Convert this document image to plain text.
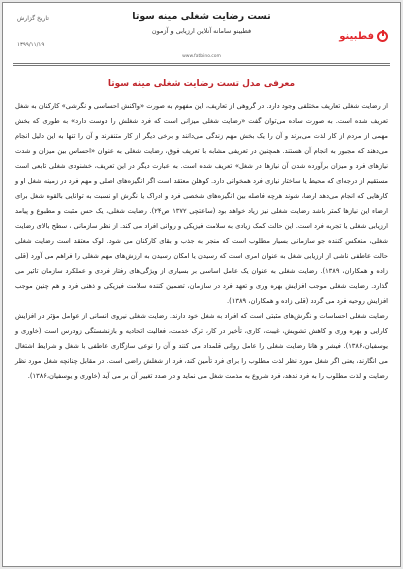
تاریخ گزارش
۱۳۹۹/۱۱/۱۹
تست رضایت شغلی مینه سوتا
فطبینو سامانه آنلاین ارزیابی و آزمون
www.fatbino.com
فطبینو
معرفی مدل تست رضایت شغلی مینه سوتا

از رضایت شغلی تعاریف مختلفی وجود دارد. در گروهی از تعاریف، این مفهوم به صورت «واکنش احساسی و نگرشی» کارکنان به شغل تعریف شده است. به صورت ساده می‌توان گفت «رضایت شغلی میزانی است که فرد شغلش را دوست دارد» به طوری که بخش مهمی از مردم از کار لذت می‌برند و آن را یک بخش مهم زندگی می‌دانند و برخی دیگر از کار متنفرند و آن را تنها به این دلیل انجام می‌دهند که مجبور به انجام آن هستند. همچنین در تعریفی مشابه با تعریف فوق، رضایت شغلی به عنوان «احساس بین میزان و شدت نیازهای فرد و میزان برآورده شدن آن نیازها در شغل» تعریف شده است. به عبارت دیگر در این تعریف، خشنودی شغلی تابعی است مستقیم از درجه‌ای که محیط یا ساختار نیازی فرد همخوانی دارد. کوهلن معتقد است اگر انگیزه‌های اصلی و مهم فرد در زمینه شغل او و کارهایی که انجام می‌دهد ارضا، شوند هرچه فاصله بین انگیزه‌های شخصی فرد و ادراک یا نگرش او نسبت به توانایی بالقوه شغل برای ارضاء این نیازها کمتر باشد رضایت شغلی نیز زیاد خواهد بود (ساعتچی ۱۳۷۲ ص۲۴). رضایت شغلی، یک حس مثبت و مطبوع و پیامد ارزیابی شغلی یا تجربه فرد است. این حالت کمک زیادی به سلامت فیزیکی و روانی افراد می کند. از نظر سازمانی ، سطح بالای رضایت شغلی، منعکس کننده جو سازمانی بسیار مطلوب است که منجر به جذب و بقای کارکنان می شود. لوک معتقد است رضایت شغلی حالت عاطفی ناشی از ارزیابی شغل به عنوان امری است که رسیدن یا امکان رسیدن به ارزش‌های مهم شغلی را فراهم می آورد (قلی زاده و همکاران، ۱۳۸۹). رضایت شغلی به عنوان یک عامل اساسی بر بسیاری از ویژگی‌های رفتار فردی و عملکرد سازمان تاثیر می گذارد. رضایت شغلی موجب افزایش بهره وری و تعهد فرد در سازمان، تضمین کننده سلامت فیزیکی و ذهنی فرد و هم چنین موجب افزایش روحیه فرد می گردد (قلی زاده و همکاران، ۱۳۸۹).

رضایت شغلی احساسات و نگرش‌های مثبتی است که افراد به شغل خود دارند. رضایت شغلی نیروی انسانی از عوامل مؤثر در افزایش کارایی و بهره وری و کاهش تشویش، غیبت، کاری، تأخیر در کار، ترک خدمت، فعالیت اتحادیه و بازنشستگی زودرس است (خاوری و یوسفیان،۱۳۸۶). فیشر و هانا رضایت شغلی را عامل روانی قلمداد می کنند و آن را نوعی سازگاری عاطفی با شغل و شرایط اشتغال می انگارند، یعنی اگر شغل مورد نظر لذت مطلوب را برای فرد تأمین کند، فرد از شغلش راضی است. در مقابل چنانچه شغل مورد نظر رضایت و لذت مطلوب را به فرد ندهد، فرد شروع به مذمت شغل می نماید و در صدد تغییر آن بر می آید (خاوری و یوسفیان،۱۳۸۶).
